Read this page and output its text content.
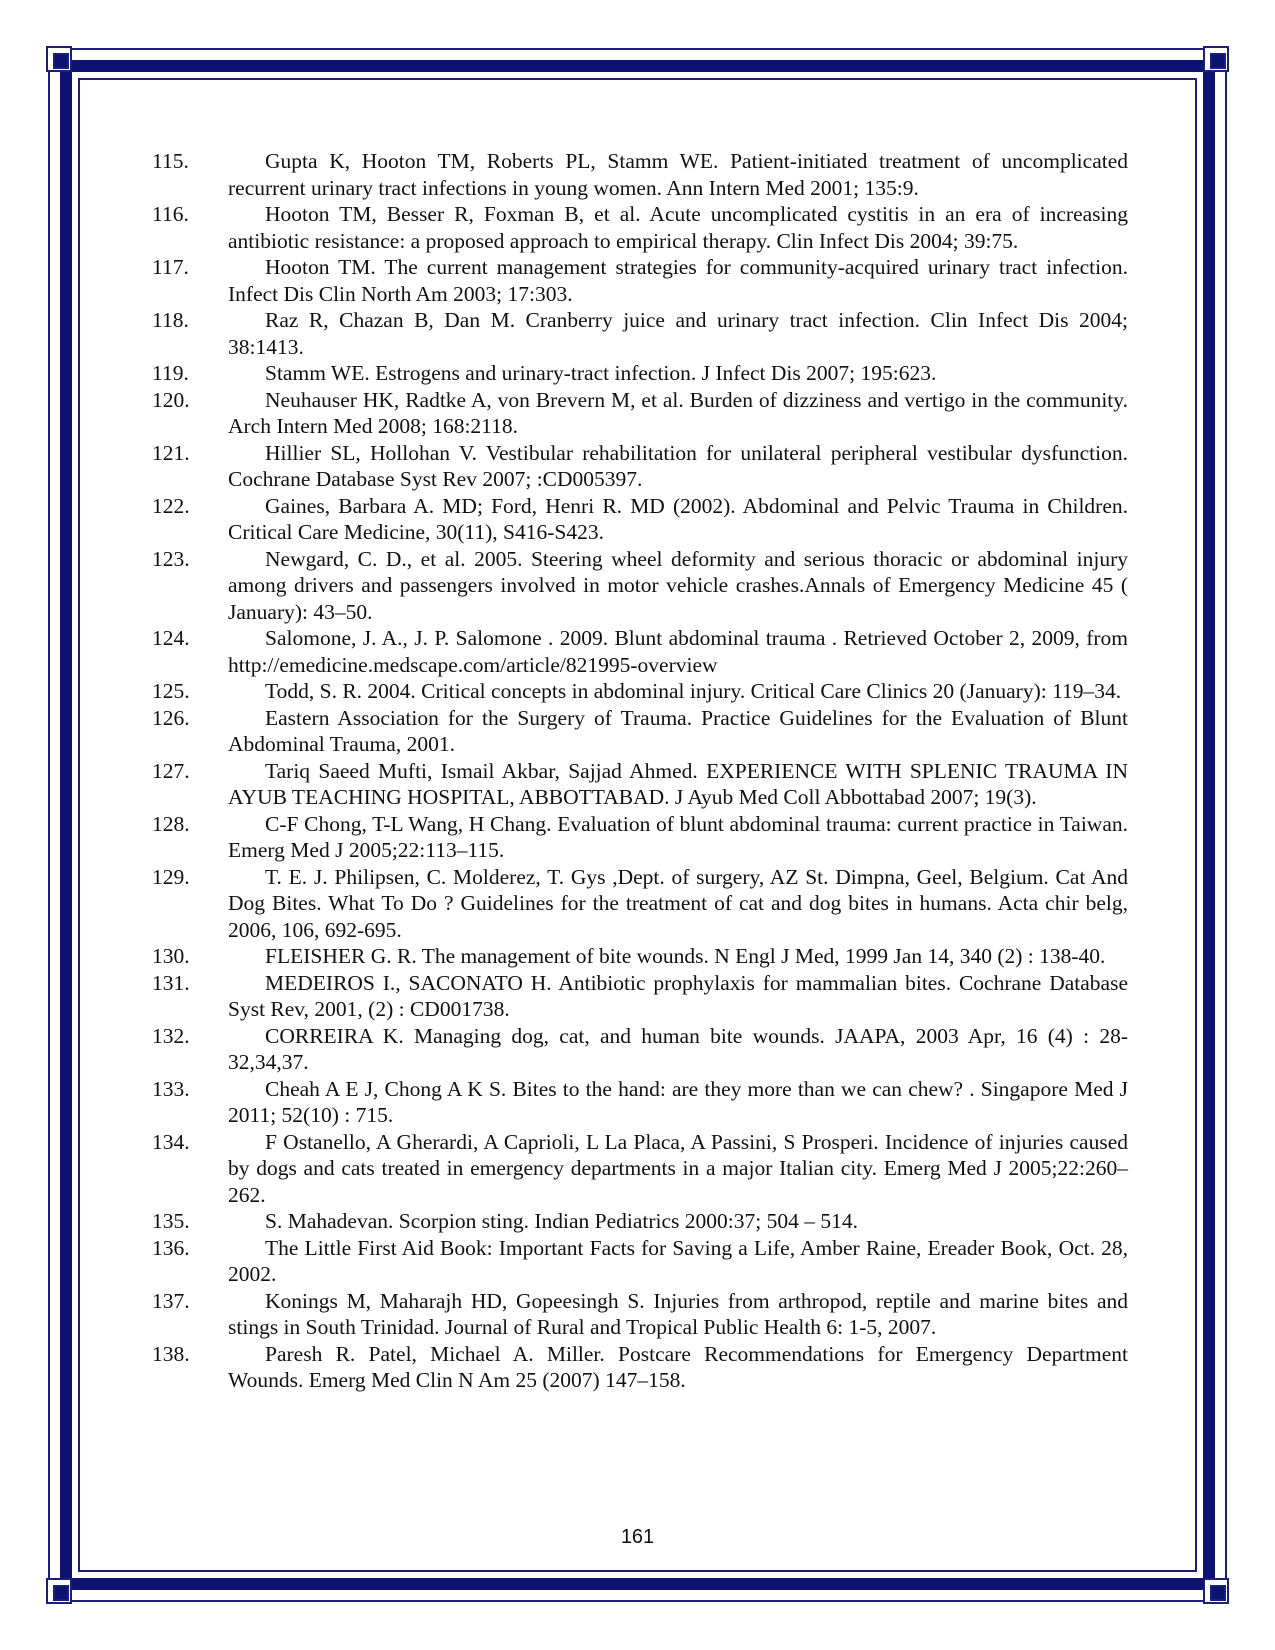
115.	Gupta K, Hooton TM, Roberts PL, Stamm WE. Patient-initiated treatment of uncomplicated recurrent urinary tract infections in young women. Ann Intern Med 2001; 135:9.
116.	Hooton TM, Besser R, Foxman B, et al. Acute uncomplicated cystitis in an era of increasing antibiotic resistance: a proposed approach to empirical therapy. Clin Infect Dis 2004; 39:75.
117.	Hooton TM. The current management strategies for community-acquired urinary tract infection. Infect Dis Clin North Am 2003; 17:303.
118.	Raz R, Chazan B, Dan M. Cranberry juice and urinary tract infection. Clin Infect Dis 2004; 38:1413.
119.	Stamm WE. Estrogens and urinary-tract infection. J Infect Dis 2007; 195:623.
120.	Neuhauser HK, Radtke A, von Brevern M, et al. Burden of dizziness and vertigo in the community. Arch Intern Med 2008; 168:2118.
121.	Hillier SL, Hollohan V. Vestibular rehabilitation for unilateral peripheral vestibular dysfunction. Cochrane Database Syst Rev 2007; :CD005397.
122.	Gaines, Barbara A. MD; Ford, Henri R. MD (2002). Abdominal and Pelvic Trauma in Children. Critical Care Medicine, 30(11), S416-S423.
123.	Newgard, C. D., et al. 2005. Steering wheel deformity and serious thoracic or abdominal injury among drivers and passengers involved in motor vehicle crashes.Annals of Emergency Medicine 45 ( January): 43–50.
124.	Salomone, J. A., J. P. Salomone . 2009. Blunt abdominal trauma . Retrieved October 2, 2009, from http://emedicine.medscape.com/article/821995-overview
125.	Todd, S. R. 2004. Critical concepts in abdominal injury. Critical Care Clinics 20 (January): 119–34.
126.	Eastern Association for the Surgery of Trauma. Practice Guidelines for the Evaluation of Blunt Abdominal Trauma, 2001.
127.	Tariq Saeed Mufti, Ismail Akbar, Sajjad Ahmed. EXPERIENCE WITH SPLENIC TRAUMA IN AYUB TEACHING HOSPITAL, ABBOTTABAD. J Ayub Med Coll Abbottabad 2007; 19(3).
128.	C-F Chong, T-L Wang, H Chang. Evaluation of blunt abdominal trauma: current practice in Taiwan. Emerg Med J 2005;22:113–115.
129.	T. E. J. Philipsen, C. Molderez, T. Gys ,Dept. of surgery, AZ St. Dimpna, Geel, Belgium. Cat And Dog Bites. What To Do ? Guidelines for the treatment of cat and dog bites in humans. Acta chir belg, 2006, 106, 692-695.
130.	FLEISHER G. R. The management of bite wounds. N Engl J Med, 1999 Jan 14, 340 (2) : 138-40.
131.	MEDEIROS I., SACONATO H. Antibiotic prophylaxis for mammalian bites. Cochrane Database Syst Rev, 2001, (2) : CD001738.
132.	CORREIRA K. Managing dog, cat, and human bite wounds. JAAPA, 2003 Apr, 16 (4) : 28-32,34,37.
133.	Cheah A E J, Chong A K S. Bites to the hand: are they more than we can chew? . Singapore Med J 2011; 52(10) : 715.
134.	F Ostanello, A Gherardi, A Caprioli, L La Placa, A Passini, S Prosperi. Incidence of injuries caused by dogs and cats treated in emergency departments in a major Italian city. Emerg Med J 2005;22:260–262.
135.	S. Mahadevan. Scorpion sting. Indian Pediatrics 2000:37; 504 – 514.
136.	The Little First Aid Book: Important Facts for Saving a Life, Amber Raine, Ereader Book, Oct. 28, 2002.
137.	Konings M, Maharajh HD, Gopeesingh S. Injuries from arthropod, reptile and marine bites and stings in South Trinidad. Journal of Rural and Tropical Public Health 6: 1-5, 2007.
138.	Paresh R. Patel, Michael A. Miller. Postcare Recommendations for Emergency Department Wounds. Emerg Med Clin N Am 25 (2007) 147–158.
161
